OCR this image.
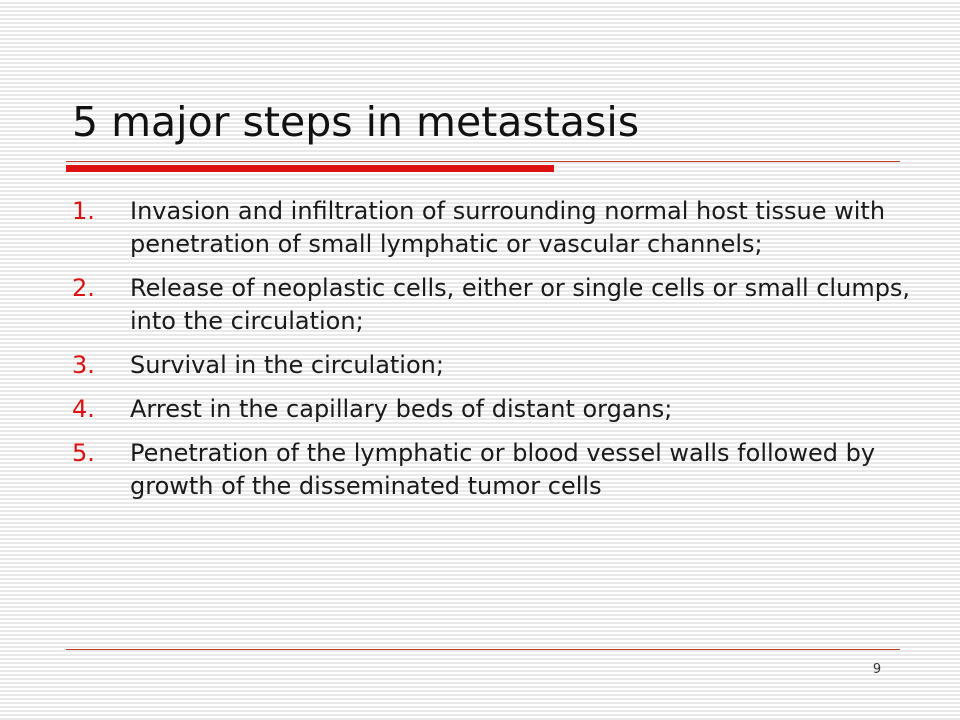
5 major steps in metastasis
1. Invasion and infiltration of surrounding normal host tissue with penetration of small lymphatic or vascular channels;
2. Release of neoplastic cells, either or single cells or small clumps, into the circulation;
3. Survival in the circulation;
4. Arrest in the capillary beds of distant organs;
5. Penetration of the lymphatic or blood vessel walls followed by growth of the disseminated tumor cells
9
